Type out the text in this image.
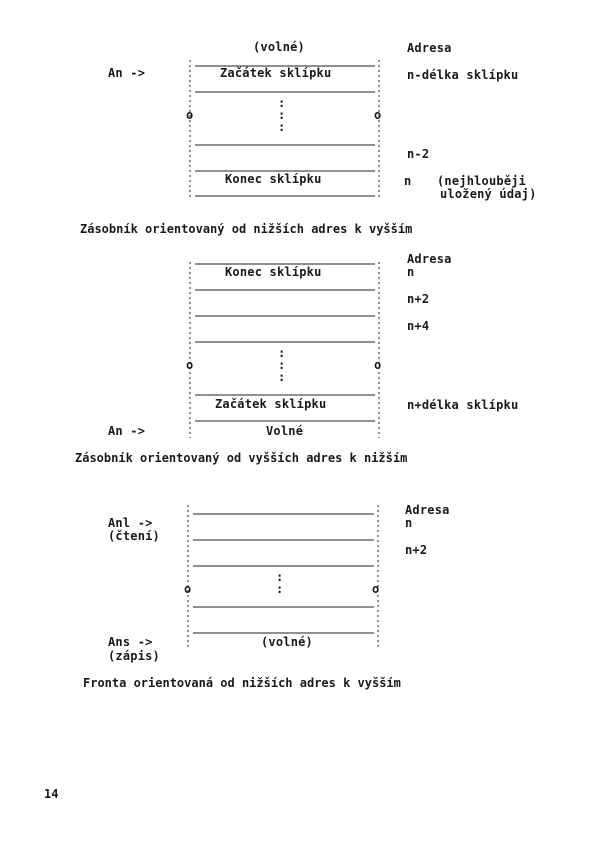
(volné)	Adresa
An ->	Začátek sklípku	n-délka sklípku
:
o	:	o
:
n-2
Konec sklípku	n (nejhlouběji
uložený údaj)
Zásobník orientovaný od nižších adres k vyšším
Adresa
Konec sklípku	n
n+2
n+4
:
o	:	o
:
Začátek sklípku	n+délka sklípku
An ->	Volné
Zásobník orientovaný od vyšších adres k nižším
Adresa
Anl ->	n
(čtení)
n+2
:
o	:	o
Ans ->	(volné)
(zápis)
Fronta orientovaná od nižších adres k vyšším
14
